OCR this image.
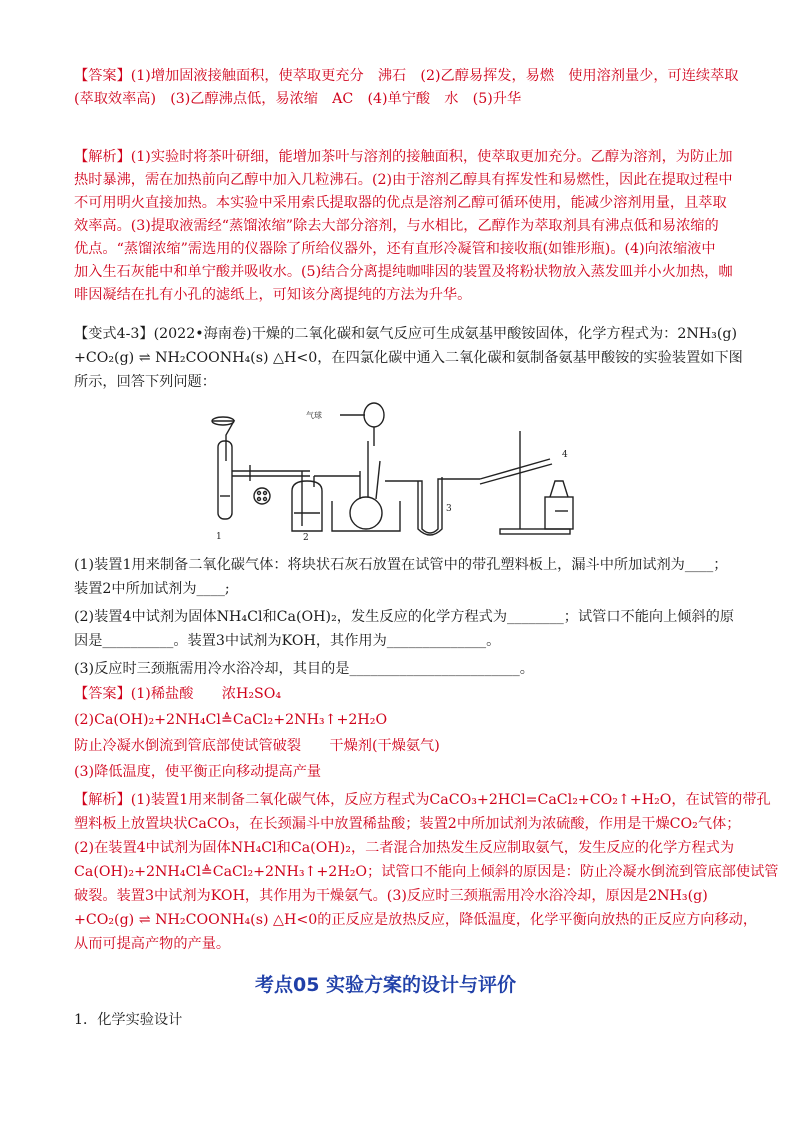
【答案】(1)增加固液接触面积，使萃取更充分　沸石　(2)乙醇易挥发，易燃　使用溶剂量少，可连续萃取
(萃取效率高)　(3)乙醇沸点低，易浓缩　AC　(4)单宁酸　水　(5)升华
【解析】(1)实验时将茶叶研细，能增加茶叶与溶剂的接触面积，使萃取更加充分。乙醇为溶剂，为防止加
热时暴沸，需在加热前向乙醇中加入几粒沸石。(2)由于溶剂乙醇具有挥发性和易燃性，因此在提取过程中
不可用明火直接加热。本实验中采用索氏提取器的优点是溶剂乙醇可循环使用，能减少溶剂用量，且萃取
效率高。(3)提取液需经“蒸馏浓缩”除去大部分溶剂，与水相比，乙醇作为萃取剂具有沸点低和易浓缩的
优点。“蒸馏浓缩”需选用的仪器除了所给仪器外，还有直形冷凝管和接收瓶(如锥形瓶)。(4)向浓缩液中
加入生石灰能中和单宁酸并吸收水。(5)结合分离提纯咖啡因的装置及将粉状物放入蒸发皿并小火加热，咖
啡因凝结在扎有小孔的滤纸上，可知该分离提纯的方法为升华。
【变式4-3】(2022•海南卷)干燥的二氧化碳和氨气反应可生成氨基甲酸铵固体，化学方程式为：2NH₃(g)
+CO₂(g) ⇌ NH₂COONH₄(s) △H<0，在四氯化碳中通入二氧化碳和氨制备氨基甲酸铵的实验装置如下图
所示，回答下列问题：
1	2
3
4
气球
(1)装置1用来制备二氧化碳气体：将块状石灰石放置在试管中的带孔塑料板上，漏斗中所加试剂为____；
装置2中所加试剂为____;
(2)装置4中试剂为固体NH₄Cl和Ca(OH)₂，发生反应的化学方程式为________；试管口不能向上倾斜的原
因是__________。装置3中试剂为KOH，其作用为______________。
(3)反应时三颈瓶需用冷水浴冷却，其目的是________________________。
【答案】(1)稀盐酸　　浓H₂SO₄
(2)Ca(OH)₂+2NH₄Cl≜CaCl₂+2NH₃↑+2H₂O
防止冷凝水倒流到管底部使试管破裂　　干燥剂(干燥氨气)
(3)降低温度，使平衡正向移动提高产量
【解析】(1)装置1用来制备二氧化碳气体，反应方程式为CaCO₃+2HCl=CaCl₂+CO₂↑+H₂O，在试管的带孔
塑料板上放置块状CaCO₃，在长颈漏斗中放置稀盐酸；装置2中所加试剂为浓硫酸，作用是干燥CO₂气体；
(2)在装置4中试剂为固体NH₄Cl和Ca(OH)₂，二者混合加热发生反应制取氨气，发生反应的化学方程式为
Ca(OH)₂+2NH₄Cl≜CaCl₂+2NH₃↑+2H₂O；试管口不能向上倾斜的原因是：防止冷凝水倒流到管底部使试管
破裂。装置3中试剂为KOH，其作用为干燥氨气。(3)反应时三颈瓶需用冷水浴冷却，原因是2NH₃(g)
+CO₂(g) ⇌ NH₂COONH₄(s) △H<0的正反应是放热反应，降低温度，化学平衡向放热的正反应方向移动，
从而可提高产物的产量。
考点05 实验方案的设计与评价
1．化学实验设计
